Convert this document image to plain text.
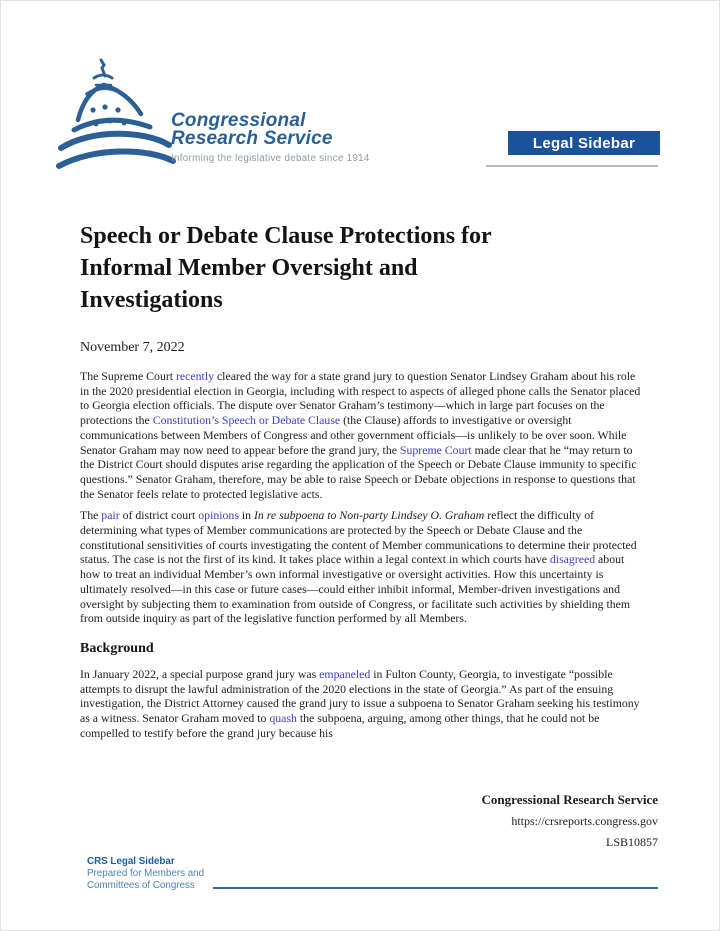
Congressional
Research Service
Informing the legislative debate since 1914
Legal Sidebar
Speech or Debate Clause Protections for
Informal Member Oversight and
Investigations
November 7, 2022

The Supreme Court recently cleared the way for a state grand jury to question Senator Lindsey Graham about his role in the 2020 presidential election in Georgia, including with respect to aspects of alleged phone calls the Senator placed to Georgia election officials. The dispute over Senator Graham’s testimony—which in large part focuses on the protections the Constitution’s Speech or Debate Clause (the Clause) affords to investigative or oversight communications between Members of Congress and other government officials—is unlikely to be over soon. While Senator Graham may now need to appear before the grand jury, the Supreme Court made clear that he “may return to the District Court should disputes arise regarding the application of the Speech or Debate Clause immunity to specific questions.” Senator Graham, therefore, may be able to raise Speech or Debate objections in response to questions that the Senator feels relate to protected legislative acts.

The pair of district court opinions in In re subpoena to Non-party Lindsey O. Graham reflect the difficulty of determining what types of Member communications are protected by the Speech or Debate Clause and the constitutional sensitivities of courts investigating the content of Member communications to determine their protected status. The case is not the first of its kind. It takes place within a legal context in which courts have disagreed about how to treat an individual Member’s own informal investigative or oversight activities. How this uncertainty is ultimately resolved—in this case or future cases—could either inhibit informal, Member-driven investigations and oversight by subjecting them to examination from outside of Congress, or facilitate such activities by shielding them from outside inquiry as part of the legislative function performed by all Members.

Background

In January 2022, a special purpose grand jury was empaneled in Fulton County, Georgia, to investigate “possible attempts to disrupt the lawful administration of the 2020 elections in the state of Georgia.” As part of the ensuing investigation, the District Attorney caused the grand jury to issue a subpoena to Senator Graham seeking his testimony as a witness. Senator Graham moved to quash the subpoena, arguing, among other things, that he could not be compelled to testify before the grand jury because his

Congressional Research Service
https://crsreports.congress.gov
LSB10857
CRS Legal Sidebar
Prepared for Members and
Committees of Congress
